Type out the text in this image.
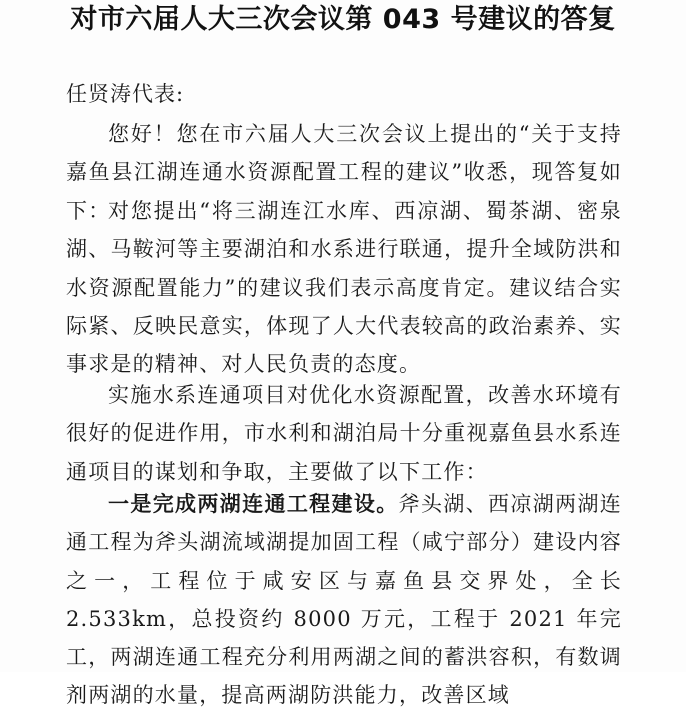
对市六届人大三次会议第 043 号建议的答复
任贤涛代表:

您好！您在市六届人大三次会议上提出的“关于支持嘉鱼县江湖连通水资源配置工程的建议”收悉，现答复如下：

对您提出“将三湖连江水库、西凉湖、蜀茶湖、密泉湖、马鞍河等主要湖泊和水系进行联通，提升全域防洪和水资源配置能力”的建议我们表示高度肯定。建议结合实际紧、反映民意实，体现了人大代表较高的政治素养、实事求是的精神、对人民负责的态度。

实施水系连通项目对优化水资源配置，改善水环境有很好的促进作用，市水利和湖泊局十分重视嘉鱼县水系连通项目的谋划和争取，主要做了以下工作：

一是完成两湖连通工程建设。斧头湖、西凉湖两湖连通工程为斧头湖流域湖提加固工程（咸宁部分）建设内容之一，工程位于咸安区与嘉鱼县交界处，全长 2.533km，总投资约 8000 万元，工程于 2021 年完工，两湖连通工程充分利用两湖之间的蓄洪容积，有数调剂两湖的水量，提高两湖防洪能力，改善区域
